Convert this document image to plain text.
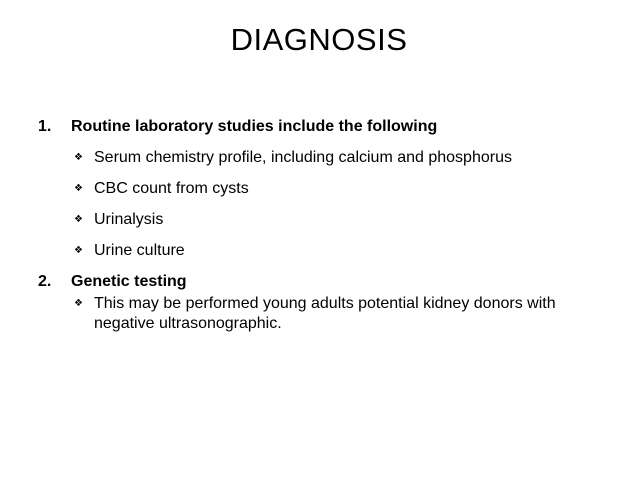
DIAGNOSIS
1.	Routine laboratory studies include the following
❖ Serum chemistry profile, including calcium and phosphorus
❖ CBC count from cysts
❖ Urinalysis
❖ Urine culture
2.	Genetic testing
❖ This may be performed young adults potential kidney donors with negative ultrasonographic.
